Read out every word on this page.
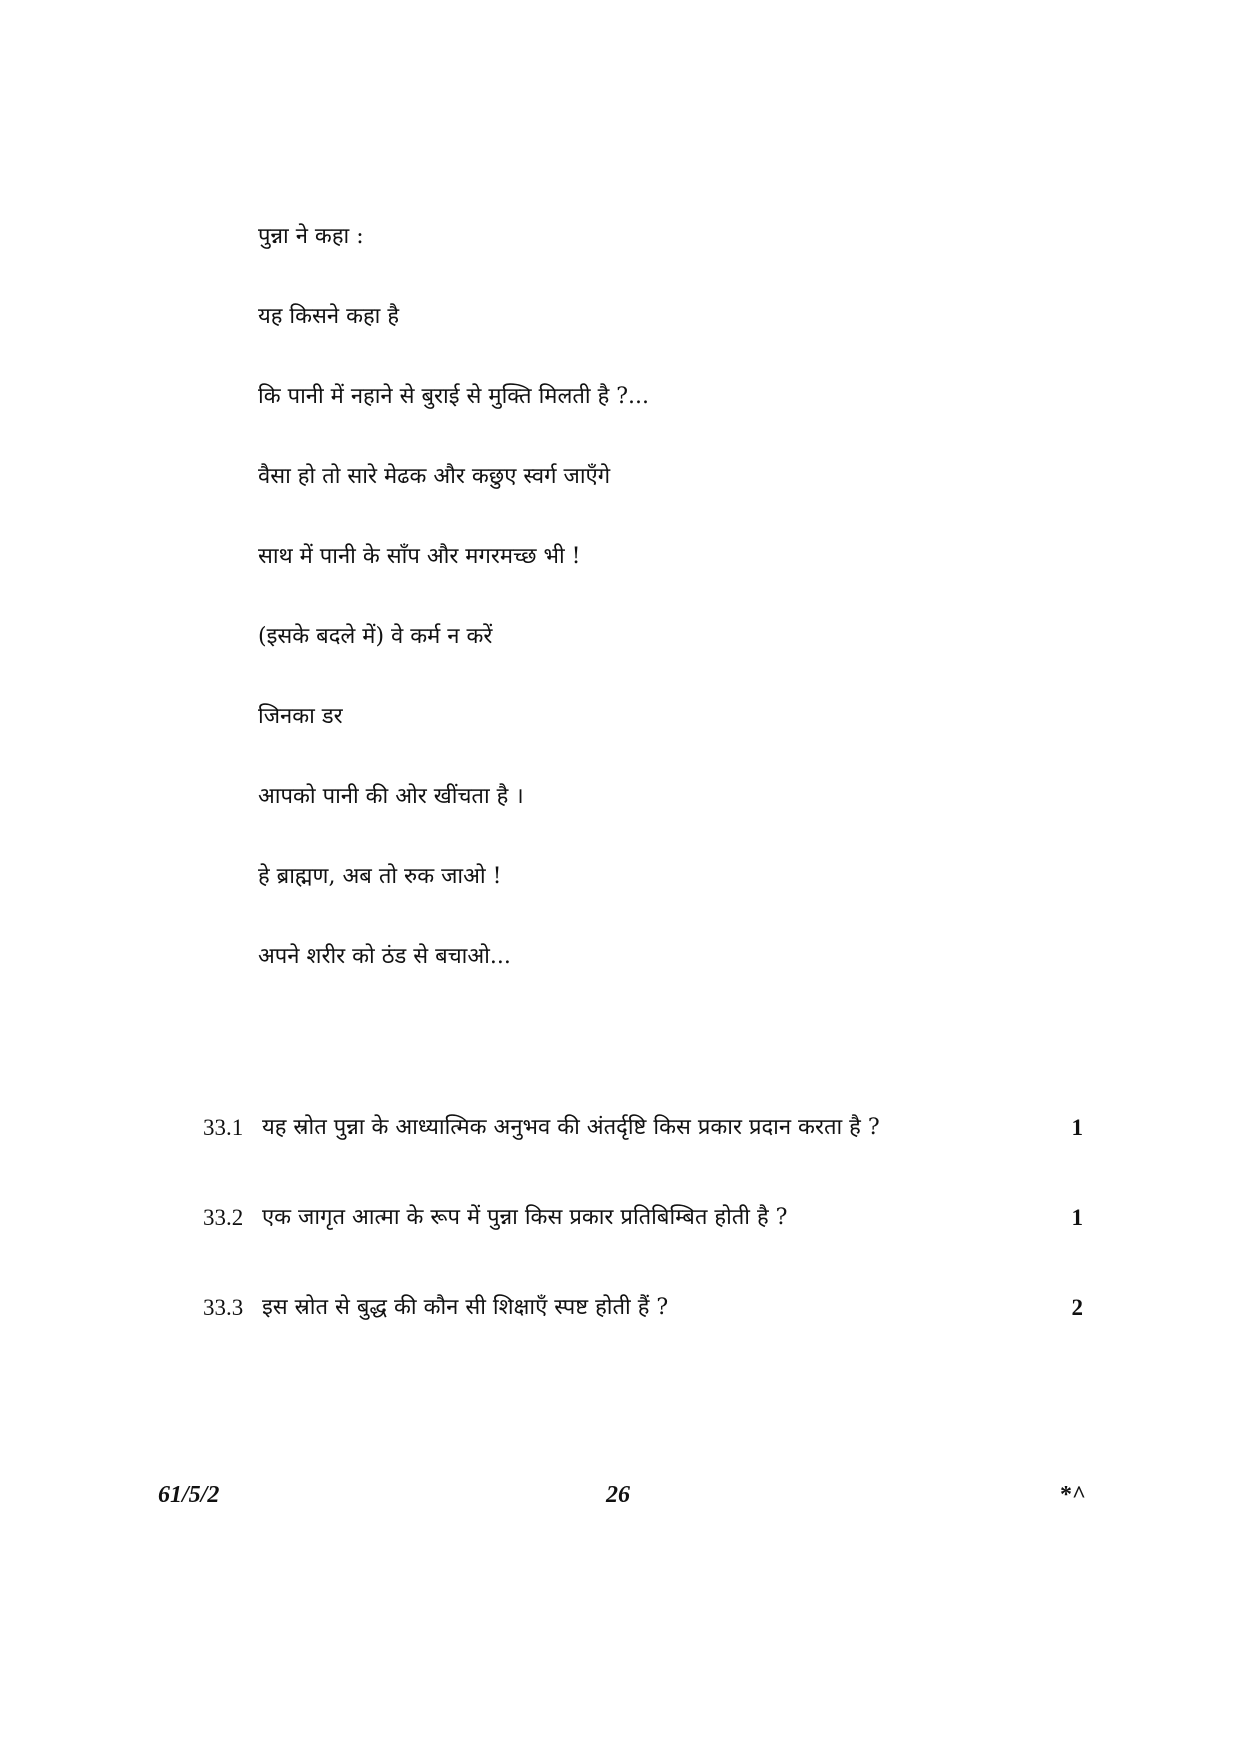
पुन्ना ने कहा :
यह किसने कहा है
कि पानी में नहाने से बुराई से मुक्ति मिलती है ?...
वैसा हो तो सारे मेढक और कछुए स्वर्ग जाएँगे
साथ में पानी के साँप और मगरमच्छ भी !
(इसके बदले में) वे कर्म न करें
जिनका डर
आपको पानी की ओर खींचता है ।
हे ब्राह्मण, अब तो रुक जाओ !
अपने शरीर को ठंड से बचाओ...
33.1 यह स्रोत पुन्ना के आध्यात्मिक अनुभव की अंतर्दृष्टि किस प्रकार प्रदान करता है ?	1
33.2 एक जागृत आत्मा के रूप में पुन्ना किस प्रकार प्रतिबिम्बित होती है ?	1
33.3 इस स्रोत से बुद्ध की कौन सी शिक्षाएँ स्पष्ट होती हैं ?	2
61/5/2	26	*^
